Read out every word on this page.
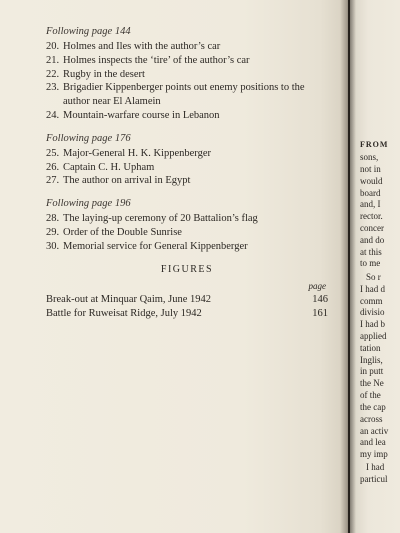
Following page 144
20. Holmes and Iles with the author’s car
21. Holmes inspects the ‘tire’ of the author’s car
22. Rugby in the desert
23. Brigadier Kippenberger points out enemy positions to the author near El Alamein
24. Mountain-warfare course in Lebanon
Following page 176
25. Major-General H. K. Kippenberger
26. Captain C. H. Upham
27. The author on arrival in Egypt
Following page 196
28. The laying-up ceremony of 20 Battalion’s flag
29. Order of the Double Sunrise
30. Memorial service for General Kippenberger
FIGURES
page
Break-out at Minquar Qaim, June 1942	146
Battle for Ruweisat Ridge, July 1942	161
FROM
sons,
not in
would
board
and, I
rector.
concer
and do
at this
to me
So r
I had d
comm
divisio
I had b
applied
tation
Inglis,
in putt
the Ne
of the
the cap
across
an activ
and lea
my imp
I had
particul
